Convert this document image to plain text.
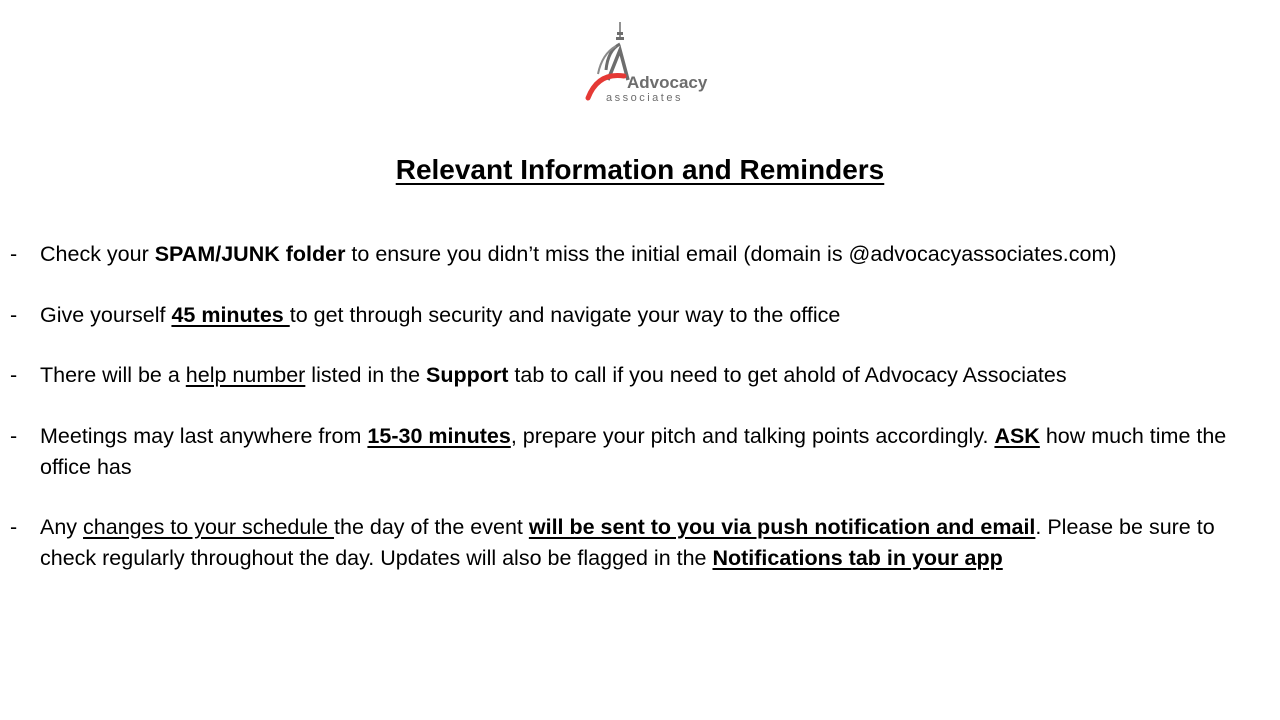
Advocacy
associates
Relevant Information and Reminders
- Check your SPAM/JUNK folder to ensure you didn’t miss the initial email (domain is @advocacyassociates.com)
- Give yourself 45 minutes to get through security and navigate your way to the office
- There will be a help number listed in the Support tab to call if you need to get ahold of Advocacy Associates
- Meetings may last anywhere from 15-30 minutes, prepare your pitch and talking points accordingly. ASK how much time the office has
- Any changes to your schedule the day of the event will be sent to you via push notification and email. Please be sure to check regularly throughout the day. Updates will also be flagged in the Notifications tab in your app
